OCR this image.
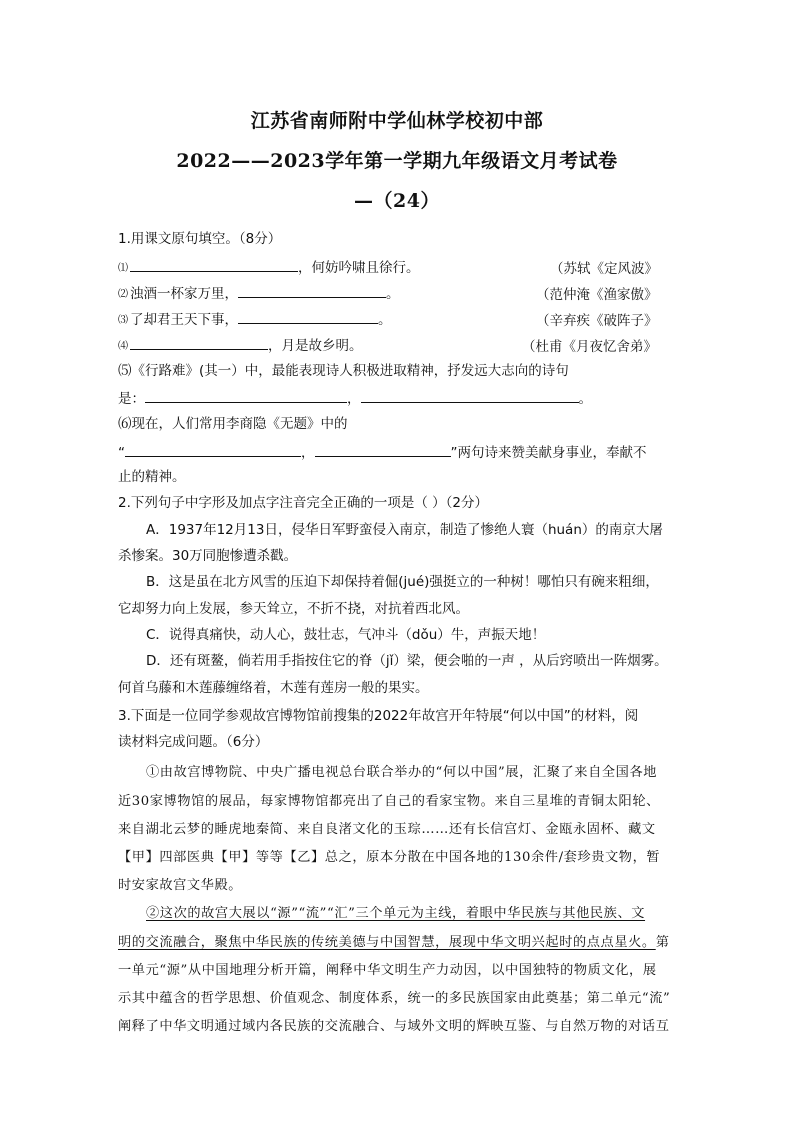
江苏省南师附中学仙林学校初中部
2022——2023学年第一学期九年级语文月考试卷
—（24）
1.用课文原句填空。（8分）
⑴	，何妨吟啸且徐行。	（苏轼《定风波》
⑵ 浊酒一杯家万里，	。	（范仲淹《渔家傲》
⑶ 了却君王天下事，	。	（辛弃疾《破阵子》
⑷	，月是故乡明。	（杜甫《月夜忆舍弟》
⑸《行路难》(其一）中，最能表现诗人积极进取精神，抒发远大志向的诗句
是：	，	。
⑹现在，人们常用李商隐《无题》中的
“	，	”两句诗来赞美献身事业，奉献不
止的精神。
2.下列句子中字形及加点字注音完全正确的一项是（ ）（2分）
A．1937年12月13日，侵华日军野蛮侵入南京，制造了惨绝人寰（huán）的南京大屠
杀惨案。30万同胞惨遭杀戳。
B．这是虽在北方风雪的压迫下却保持着倔(jué)强挺立的一种树！哪怕只有碗来粗细，
它却努力向上发展，参天耸立，不折不挠，对抗着西北风。
C．说得真痛快，动人心，鼓壮志，气冲斗（dǒu）牛，声振天地！
D．还有斑鳌，倘若用手指按住它的脊（jǐ）梁，便会啪的一声 ，从后窍喷出一阵烟雾。
何首乌藤和木莲藤缠络着，木莲有莲房一般的果实。
3.下面是一位同学参观故宫博物馆前搜集的2022年故宫开年特展“何以中国”的材料，阅
读材料完成问题。（6分）
①由故宫博物院、中央广播电视总台联合举办的“何以中国”展，汇聚了来自全国各地
近30家博物馆的展品，每家博物馆都亮出了自己的看家宝物。来自三星堆的青铜太阳轮、
来自湖北云梦的睡虎地秦简、来自良渚文化的玉琮……还有长信宫灯、金瓯永固杯、藏文
【甲】四部医典【甲】等等【乙】总之，原本分散在中国各地的130余件/套珍贵文物，暂
时安家故宫文华殿。
②这次的故宫大展以“源”“流”“汇”三个单元为主线，着眼中华民族与其他民族、文
明的交流融合，聚焦中华民族的传统美德与中国智慧，展现中华文明兴起时的点点星火。第
一单元“源”从中国地理分析开篇，阐释中华文明生产力动因，以中国独特的物质文化，展
示其中蕴含的哲学思想、价值观念、制度体系，统一的多民族国家由此奠基；第二单元“流”
阐释了中华文明通过域内各民族的交流融合、与域外文明的辉映互鉴、与自然万物的对话互
